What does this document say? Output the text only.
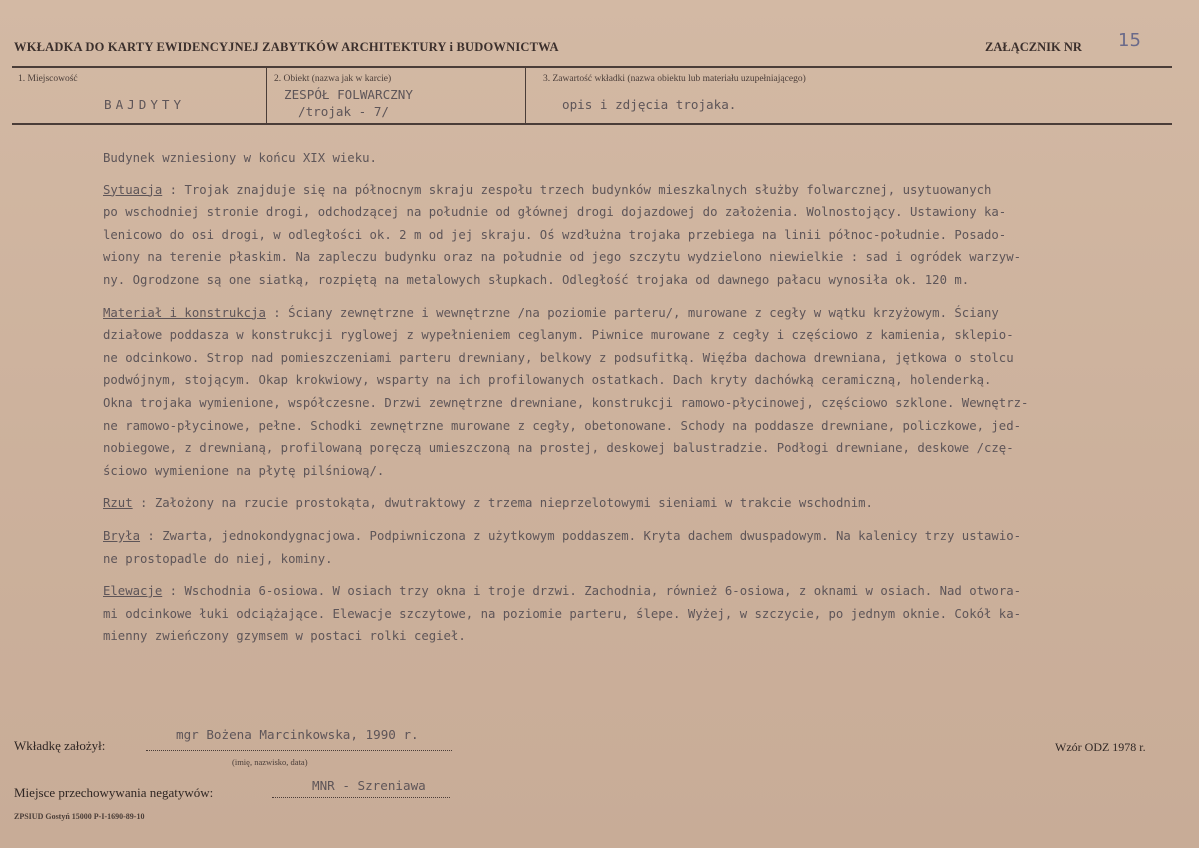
WKŁADKA DO KARTY EWIDENCYJNEJ ZABYTKÓW ARCHITEKTURY i BUDOWNICTWA	ZAŁĄCZNIK NR 15
1. Miejscowość
BAJDYTY
2. Obiekt (nazwa jak w karcie)
ZESPÓŁ FOLWARCZNY
/trojak - 7/
3. Zawartość wkładki (nazwa obiektu lub materiału uzupełniającego)
opis i zdjęcia trojaka.

Budynek wzniesiony w końcu XIX wieku.

Sytuacja : Trojak znajduje się na północnym skraju zespołu trzech budynków mieszkalnych służby folwarcznej, usytuowanych
po wschodniej stronie drogi, odchodzącej na południe od głównej drogi dojazdowej do założenia. Wolnostojący. Ustawiony ka-
lenicowo do osi drogi, w odległości ok. 2 m od jej skraju. Oś wzdłużna trojaka przebiega na linii północ-południe. Posado-
wiony na terenie płaskim. Na zapleczu budynku oraz na południe od jego szczytu wydzielono niewielkie : sad i ogródek warzyw-
ny. Ogrodzone są one siatką, rozpiętą na metalowych słupkach. Odległość trojaka od dawnego pałacu wynosiła ok. 120 m.

Materiał i konstrukcja : Ściany zewnętrzne i wewnętrzne /na poziomie parteru/, murowane z cegły w wątku krzyżowym. Ściany
działowe poddasza w konstrukcji ryglowej z wypełnieniem ceglanym. Piwnice murowane z cegły i częściowo z kamienia, sklepio-
ne odcinkowo. Strop nad pomieszczeniami parteru drewniany, belkowy z podsufitką. Więźba dachowa drewniana, jętkowa o stolcu
podwójnym, stojącym. Okap krokwiowy, wsparty na ich profilowanych ostatkach. Dach kryty dachówką ceramiczną, holenderką.
Okna trojaka wymienione, współczesne. Drzwi zewnętrzne drewniane, konstrukcji ramowo-płycinowej, częściowo szklone. Wewnętrz-
ne ramowo-płycinowe, pełne. Schodki zewnętrzne murowane z cegły, obetonowane. Schody na poddasze drewniane, policzkowe, jed-
nobiegowe, z drewnianą, profilowaną poręczą umieszczoną na prostej, deskowej balustradzie. Podłogi drewniane, deskowe /czę-
ściowo wymienione na płytę pilśniową/.

Rzut : Założony na rzucie prostokąta, dwutraktowy z trzema nieprzelotowymi sieniami w trakcie wschodnim.

Bryła : Zwarta, jednokondygnacjowa. Podpiwniczona z użytkowym poddaszem. Kryta dachem dwuspadowym. Na kalenicy trzy ustawio-
ne prostopadle do niej, kominy.

Elewacje : Wschodnia 6-osiowa. W osiach trzy okna i troje drzwi. Zachodnia, również 6-osiowa, z oknami w osiach. Nad otwora-
mi odcinkowe łuki odciążające. Elewacje szczytowe, na poziomie parteru, ślepe. Wyżej, w szczycie, po jednym oknie. Cokół ka-
mienny zwieńczony gzymsem w postaci rolki cegieł.

Wkładkę założył:
mgr Bożena Marcinkowska, 1990 r.
(imię, nazwisko, data)
Miejsce przechowywania negatywów:	MNR - Szreniawa
Wzór ODZ 1978 r.
ZPSIUD Gostyń 15000 P-I-1690-89-10
